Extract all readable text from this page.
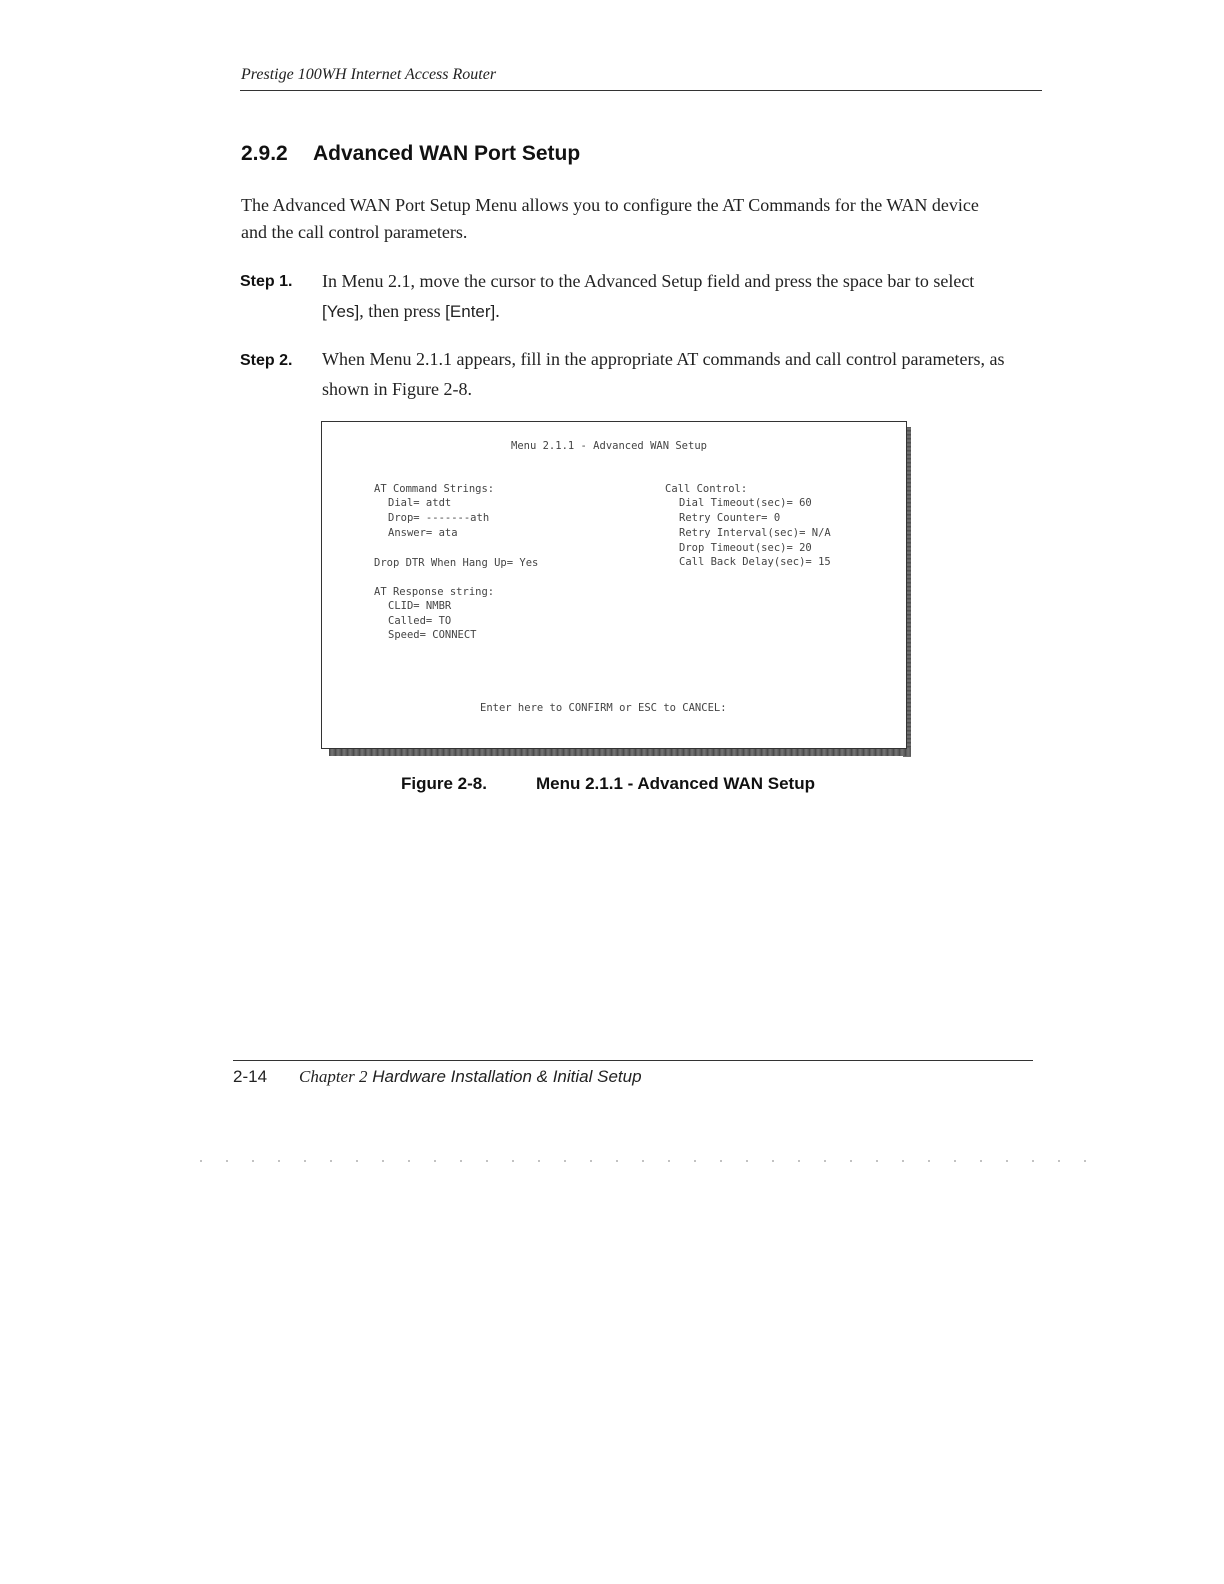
Prestige 100WH Internet Access Router
2.9.2 Advanced WAN Port Setup
The Advanced WAN Port Setup Menu allows you to configure the AT Commands for the WAN device and the call control parameters.
Step 1. In Menu 2.1, move the cursor to the Advanced Setup field and press the space bar to select [Yes], then press [Enter].
Step 2. When Menu 2.1.1 appears, fill in the appropriate AT commands and call control parameters, as shown in Figure 2-8.

Menu 2.1.1 - Advanced WAN Setup

AT Command Strings:

Dial= atdt

Drop= -------ath

Answer= ata

Drop DTR When Hang Up= Yes

AT Response string:

CLID= NMBR

Called= TO

Speed= CONNECT

Call Control:

Dial Timeout(sec)= 60

Retry Counter= 0

Retry Interval(sec)= N/A

Drop Timeout(sec)= 20

Call Back Delay(sec)= 15

Enter here to CONFIRM or ESC to CANCEL:

Figure 2-8.	Menu 2.1.1 - Advanced WAN Setup
2-14 Chapter 2 Hardware Installation & Initial Setup
